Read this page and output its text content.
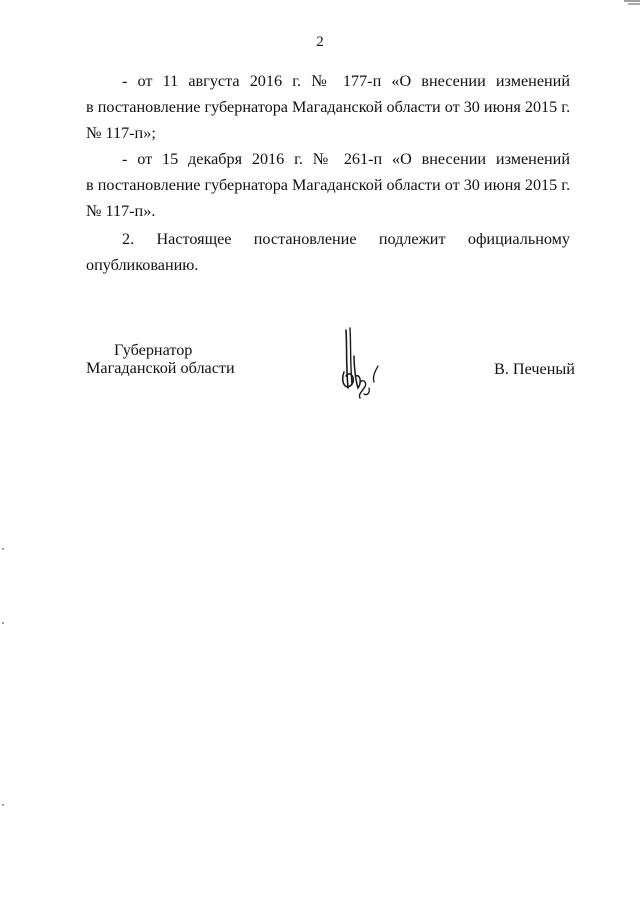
2
- от 11 августа 2016 г. № 177-п «О внесении изменений
в постановление губернатора Магаданской области от 30 июня 2015 г.
№ 117-п»;
- от 15 декабря 2016 г. № 261-п «О внесении изменений
в постановление губернатора Магаданской области от 30 июня 2015 г.
№ 117-п».
2. Настоящее постановление подлежит официальному
опубликованию.
Губернатор
Магаданской области	В. Печеный
